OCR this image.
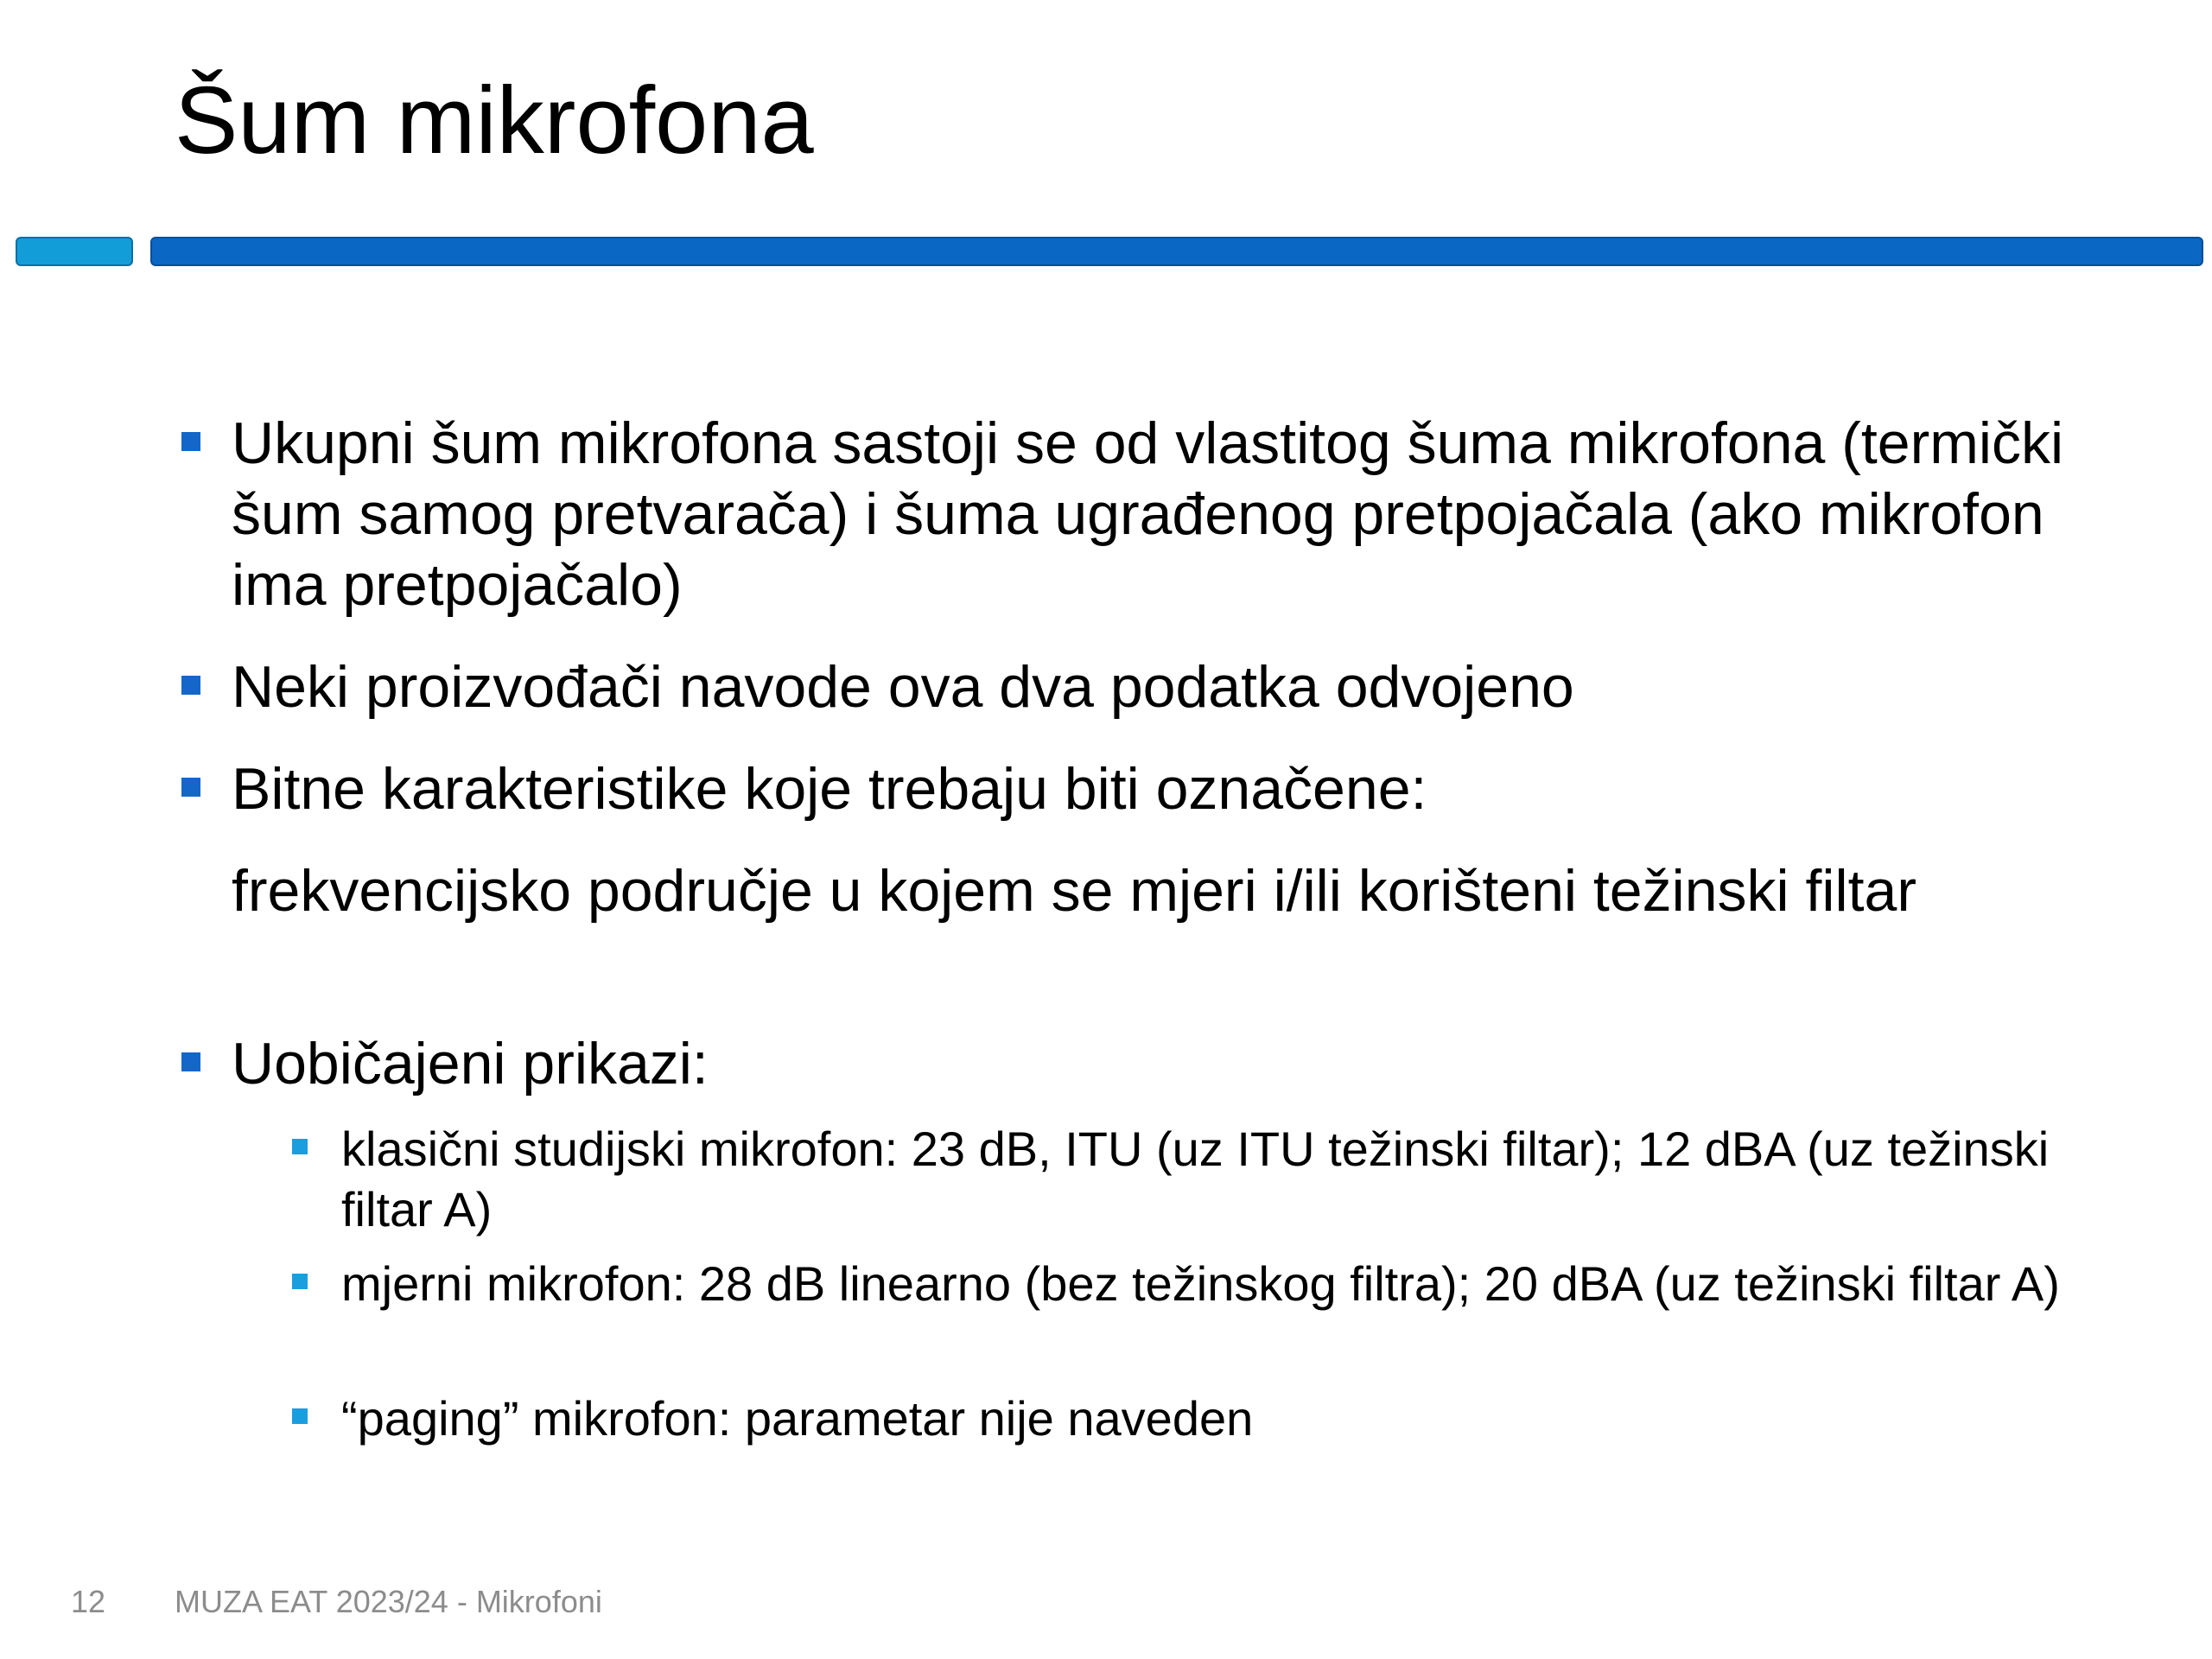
Šum mikrofona
Ukupni šum mikrofona sastoji se od vlastitog šuma mikrofona (termički šum samog pretvarača) i šuma ugrađenog pretpojačala (ako mikrofon ima pretpojačalo)
Neki proizvođači navode ova dva podatka odvojeno
Bitne karakteristike koje trebaju biti označene:
frekvencijsko područje u kojem se mjeri i/ili korišteni težinski filtar
Uobičajeni prikazi:
klasični studijski mikrofon: 23 dB, ITU (uz ITU težinski filtar); 12 dBA (uz težinski filtar A)
mjerni mikrofon: 28 dB linearno (bez težinskog filtra); 20 dBA (uz težinski filtar A)
“paging” mikrofon: parametar nije naveden
12 MUZA EAT 2023/24 - Mikrofoni
